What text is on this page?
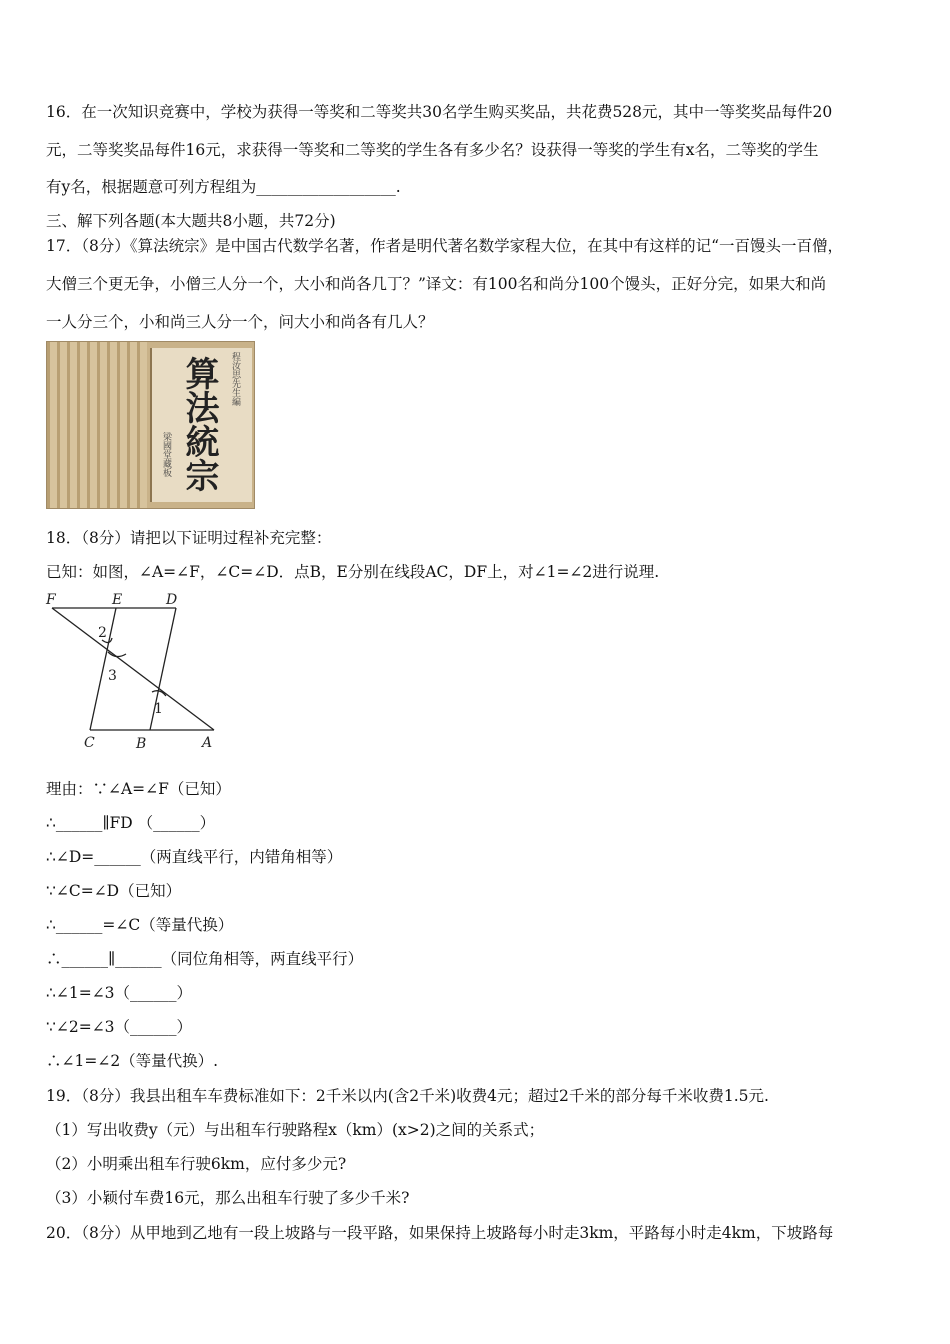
16．在一次知识竞赛中，学校为获得一等奖和二等奖共30名学生购买奖品，共花费528元，其中一等奖奖品每件20
元，二等奖奖品每件16元，求获得一等奖和二等奖的学生各有多少名？设获得一等奖的学生有x名，二等奖的学生
有y名，根据题意可列方程组为__________________.
三、解下列各题(本大题共8小题，共72分)
17．（8分）《算法统宗》是中国古代数学名著，作者是明代著名数学家程大位，在其中有这样的记“一百馒头一百僧，
大僧三个更无争，小僧三人分一个，大小和尚各几丁？”译文：有100名和尚分100个馒头，正好分完，如果大和尚
一人分三个，小和尚三人分一个，问大小和尚各有几人？
算法統宗 程汝思先生編
梁國堂藏板
18．（8分）请把以下证明过程补充完整：
已知：如图，∠A=∠F，∠C=∠D．点B，E分别在线段AC，DF上，对∠1=∠2进行说理.
F	E	D
2
3
1
C	B	A
理由：∵∠A=∠F（已知）
∴______∥FD （______）
∴∠D=______（两直线平行，内错角相等）
∵∠C=∠D（已知）
∴______=∠C（等量代换）
∴______∥______（同位角相等，两直线平行）
∴∠1=∠3（______）
∵∠2=∠3（______）
∴∠1=∠2（等量代换）.
19．（8分）我县出租车车费标准如下：2千米以内(含2千米)收费4元；超过2千米的部分每千米收费1.5元.
（1）写出收费y（元）与出租车行驶路程x（km）(x>2)之间的关系式；
（2）小明乘出租车行驶6km，应付多少元?
（3）小颖付车费16元，那么出租车行驶了多少千米?
20．（8分）从甲地到乙地有一段上坡路与一段平路，如果保持上坡路每小时走3km，平路每小时走4km，下坡路每
